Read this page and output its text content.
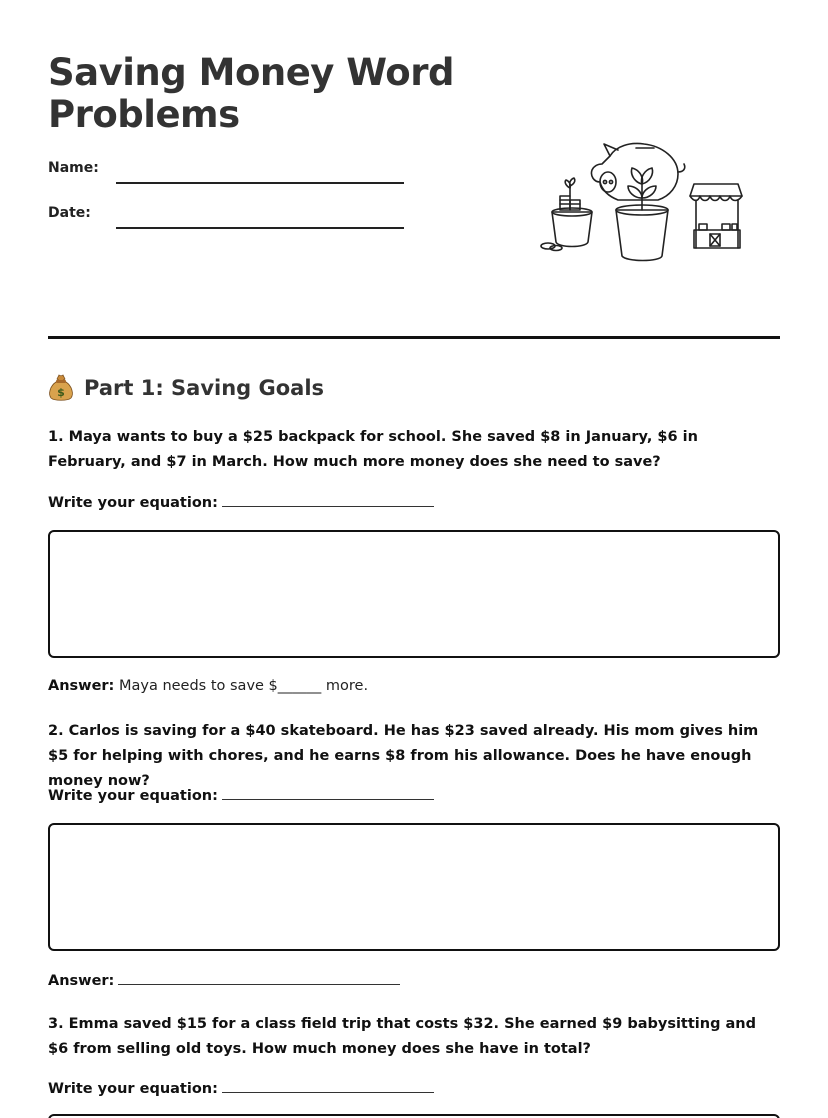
Saving Money Word Problems
Name:
Date:
$ Part 1: Saving Goals

1. Maya wants to buy a $25 backpack for school. She saved $8 in January, $6 in February, and $7 in March. How much more money does she need to save?

Write your equation:
Answer: Maya needs to save $______ more.

2. Carlos is saving for a $40 skateboard. He has $23 saved already. His mom gives him $5 for helping with chores, and he earns $8 from his allowance. Does he have enough money now?

Write your equation:
Answer:

3. Emma saved $15 for a class field trip that costs $32. She earned $9 babysitting and $6 from selling old toys. How much money does she have in total?

Write your equation:
